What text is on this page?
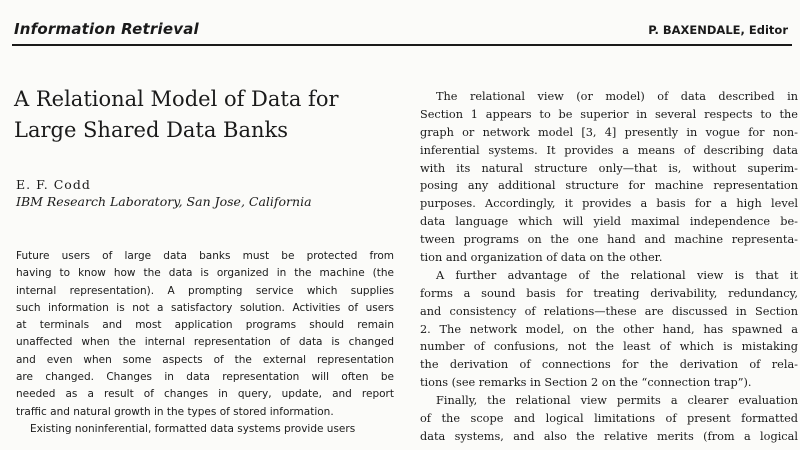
Information Retrieval	P. BAXENDALE, Editor
A Relational Model of Data for
Large Shared Data Banks
E. F. Codd
IBM Research Laboratory, San Jose, California
Future users of large data banks must be protected from
having to know how the data is organized in the machine (the
internal representation). A prompting service which supplies
such information is not a satisfactory solution. Activities of users
at terminals and most application programs should remain
unaffected when the internal representation of data is changed
and even when some aspects of the external representation
are changed. Changes in data representation will often be
needed as a result of changes in query, update, and report
traffic and natural growth in the types of stored information.
Existing noninferential, formatted data systems provide users
The relational view (or model) of data described in
Section 1 appears to be superior in several respects to the
graph or network model [3, 4] presently in vogue for non-
inferential systems. It provides a means of describing data
with its natural structure only—that is, without superim-
posing any additional structure for machine representation
purposes. Accordingly, it provides a basis for a high level
data language which will yield maximal independence be-
tween programs on the one hand and machine representa-
tion and organization of data on the other.
A further advantage of the relational view is that it
forms a sound basis for treating derivability, redundancy,
and consistency of relations—these are discussed in Section
2. The network model, on the other hand, has spawned a
number of confusions, not the least of which is mistaking
the derivation of connections for the derivation of rela-
tions (see remarks in Section 2 on the “connection trap”).
Finally, the relational view permits a clearer evaluation
of the scope and logical limitations of present formatted
data systems, and also the relative merits (from a logical
